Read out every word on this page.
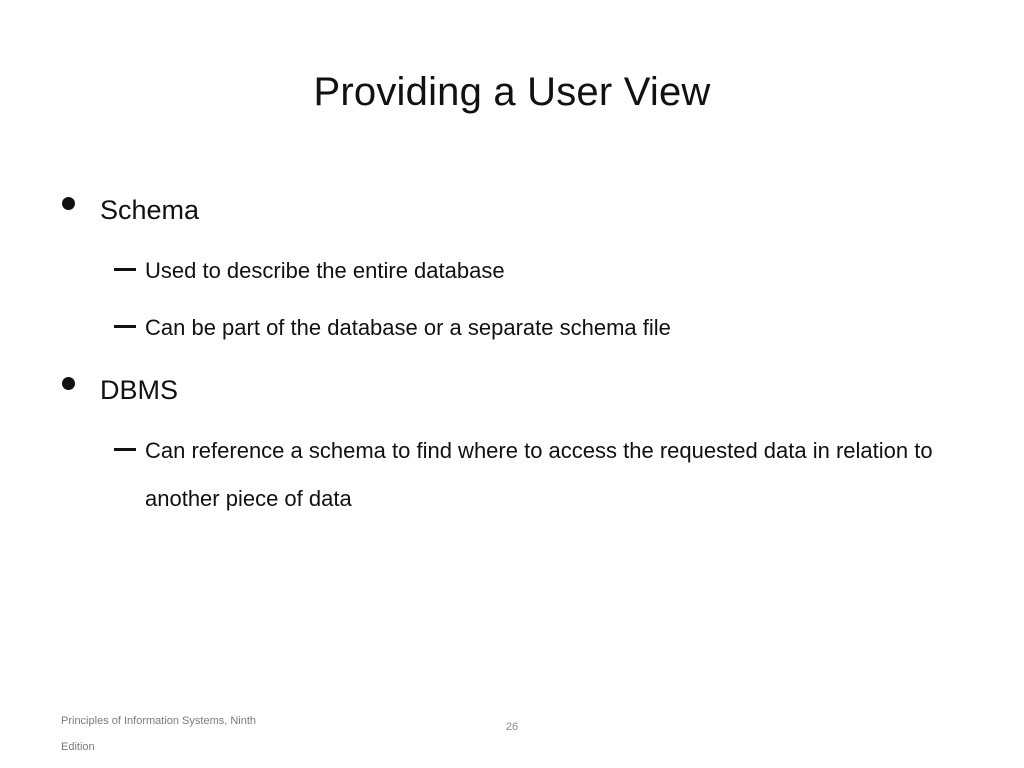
Providing a User View
Schema
Used to describe the entire database
Can be part of the database or a separate schema file
DBMS
Can reference a schema to find where to access the requested data in relation to another piece of data
Principles of Information Systems, Ninth Edition
26
